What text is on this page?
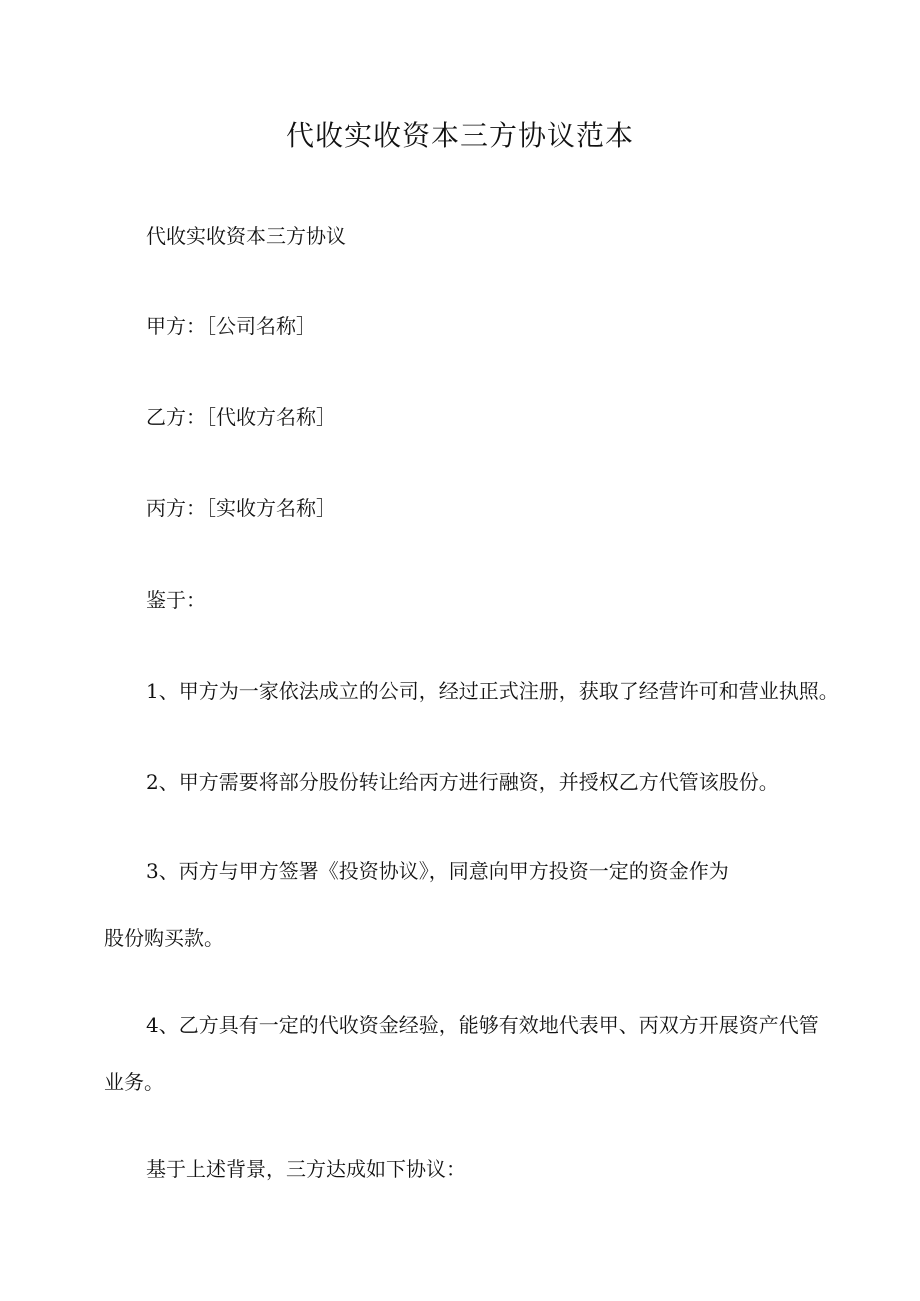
代收实收资本三方协议范本
代收实收资本三方协议
甲方：［公司名称］
乙方：［代收方名称］
丙方：［实收方名称］
鉴于：
1、甲方为一家依法成立的公司，经过正式注册，获取了经营许可和营业执照。
2、甲方需要将部分股份转让给丙方进行融资，并授权乙方代管该股份。
3、丙方与甲方签署《投资协议》，同意向甲方投资一定的资金作为
股份购买款。
4、乙方具有一定的代收资金经验，能够有效地代表甲、丙双方开展资产代管
业务。
基于上述背景，三方达成如下协议：
